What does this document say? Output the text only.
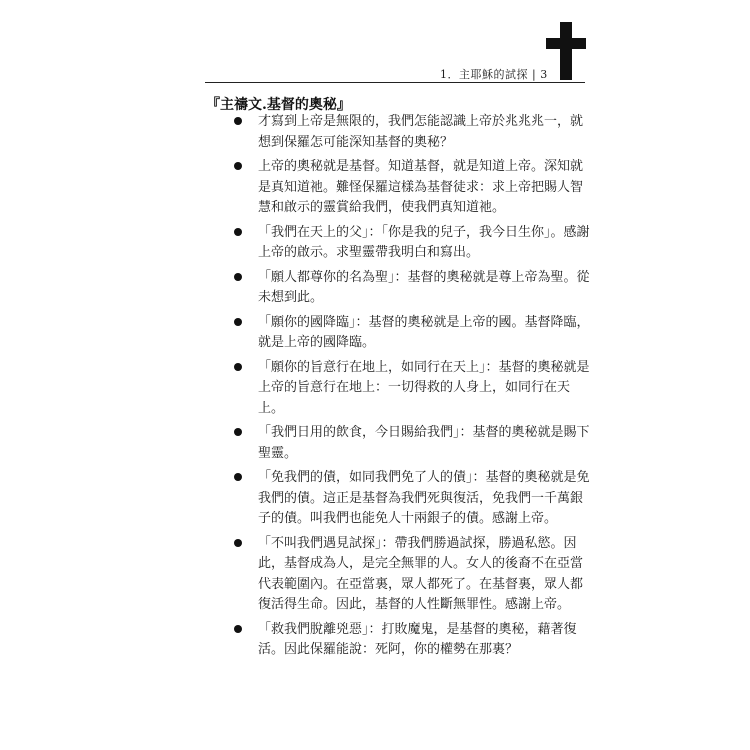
1．主耶穌的試探 | 3
『主禱文.基督的奧秘』
才寫到上帝是無限的，我們怎能認識上帝於兆兆兆一，就想到保羅怎可能深知基督的奧秘？
上帝的奧秘就是基督。知道基督，就是知道上帝。深知就是真知道祂。難怪保羅這樣為基督徒求：求上帝把賜人智慧和啟示的靈賞給我們，使我們真知道祂。
「我們在天上的父」：「你是我的兒子，我今日生你」。感謝上帝的啟示。求聖靈帶我明白和寫出。
「願人都尊你的名為聖」：基督的奧秘就是尊上帝為聖。從未想到此。
「願你的國降臨」：基督的奧秘就是上帝的國。基督降臨，就是上帝的國降臨。
「願你的旨意行在地上，如同行在天上」：基督的奧秘就是上帝的旨意行在地上：一切得救的人身上，如同行在天上。
「我們日用的飲食，今日賜給我們」：基督的奧秘就是賜下聖靈。
「免我們的債，如同我們免了人的債」：基督的奧秘就是免我們的債。這正是基督為我們死與復活，免我們一千萬銀子的債。叫我們也能免人十兩銀子的債。感謝上帝。
「不叫我們遇見試探」：帶我們勝過試探，勝過私慾。因此，基督成為人，是完全無罪的人。女人的後裔不在亞當代表範圍內。在亞當裏，眾人都死了。在基督裏，眾人都復活得生命。因此，基督的人性斷無罪性。感謝上帝。
「救我們脫離兇惡」：打敗魔鬼，是基督的奧秘，藉著復活。因此保羅能說：死阿，你的權勢在那裏？
